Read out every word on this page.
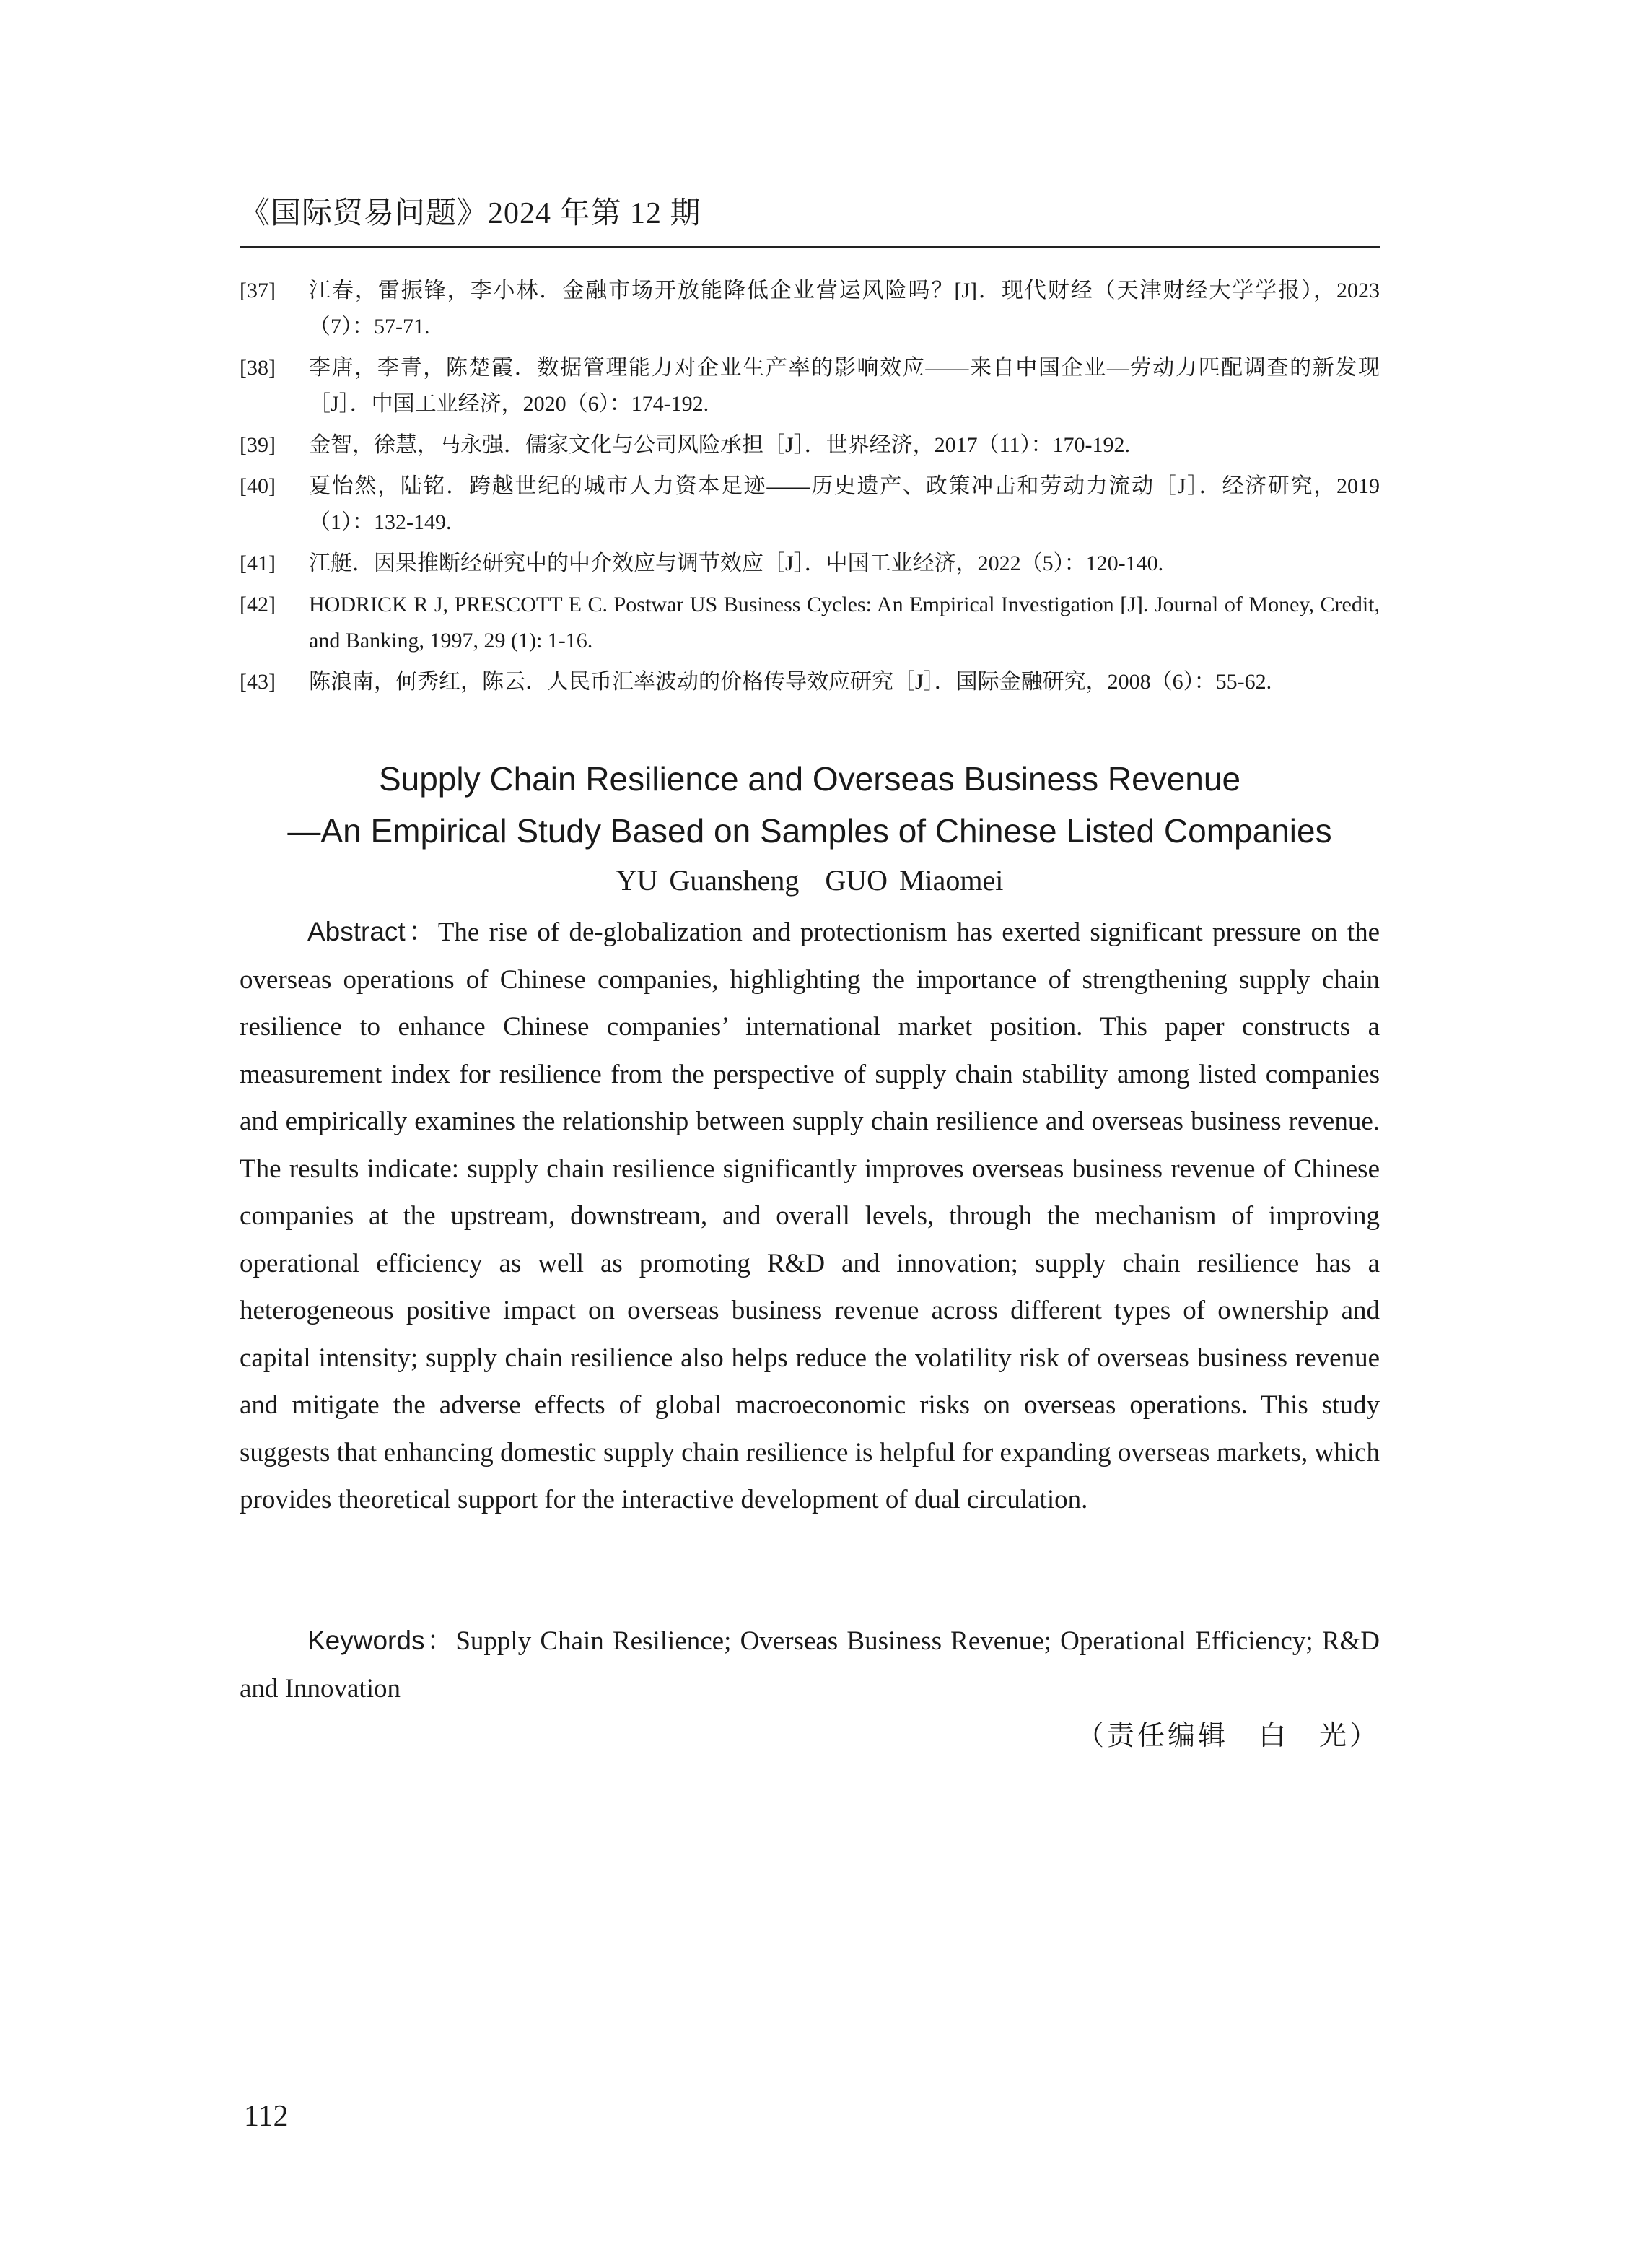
《国际贸易问题》2024 年第 12 期
[37]	江春，雷振锋，李小林．金融市场开放能降低企业营运风险吗？[J]．现代财经（天津财经大学学报），2023（7）：57-71.
[38]	李唐，李青，陈楚霞．数据管理能力对企业生产率的影响效应——来自中国企业—劳动力匹配调查的新发现［J］．中国工业经济，2020（6）：174-192.
[39]	金智，徐慧，马永强．儒家文化与公司风险承担［J］．世界经济，2017（11）：170-192.
[40]	夏怡然，陆铭．跨越世纪的城市人力资本足迹——历史遗产、政策冲击和劳动力流动［J］．经济研究，2019（1）：132-149.
[41]	江艇．因果推断经研究中的中介效应与调节效应［J］．中国工业经济，2022（5）：120-140.
[42]	HODRICK R J, PRESCOTT E C. Postwar US Business Cycles: An Empirical Investigation [J]. Journal of Money, Credit, and Banking, 1997, 29 (1): 1-16.
[43]	陈浪南，何秀红，陈云．人民币汇率波动的价格传导效应研究［J］．国际金融研究，2008（6）：55-62.
Supply Chain Resilience and Overseas Business Revenue
—An Empirical Study Based on Samples of Chinese Listed Companies
YU Guansheng GUO Miaomei

Abstract：The rise of de-globalization and protectionism has exerted significant pressure on the overseas operations of Chinese companies, highlighting the importance of strengthening supply chain resilience to enhance Chinese companies’ international market position. This paper constructs a measurement index for resilience from the perspective of supply chain stability among listed companies and empirically examines the relationship between supply chain resilience and overseas business revenue. The results indicate: supply chain resilience significantly improves overseas business revenue of Chinese companies at the upstream, downstream, and overall levels, through the mechanism of improving operational efficiency as well as promoting R&D and innovation; supply chain resilience has a heterogeneous positive impact on overseas business revenue across different types of ownership and capital intensity; supply chain resilience also helps reduce the volatility risk of overseas business revenue and mitigate the adverse effects of global macroeconomic risks on overseas operations. This study suggests that enhancing domestic supply chain resilience is helpful for expanding overseas markets, which provides theoretical support for the interactive development of dual circulation.

Keywords：Supply Chain Resilience; Overseas Business Revenue; Operational Efficiency; R&D and Innovation

（责任编辑　白　光）
112
